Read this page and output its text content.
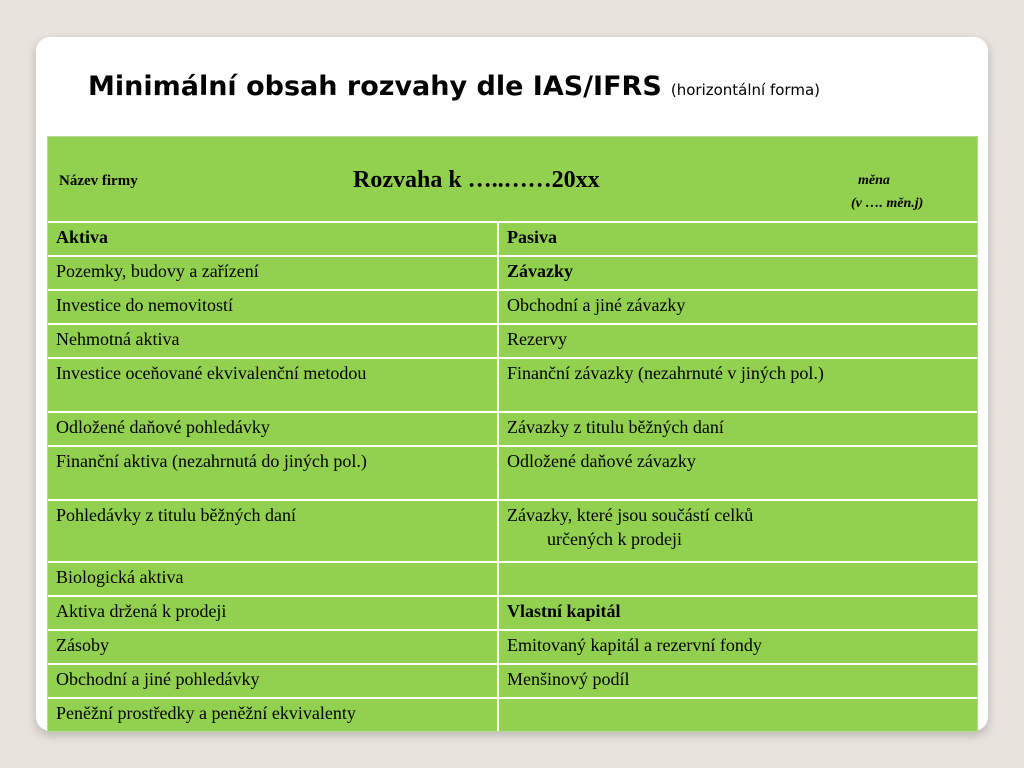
Minimální obsah rozvahy dle IAS/IFRS (horizontální forma)
Název firmy	Rozvaha k …..……20xx	měna
(v …. měn.j)
Aktiva	Pasiva
Pozemky, budovy a zařízení	Závazky
Investice do nemovitostí	Obchodní a jiné závazky
Nehmotná aktiva	Rezervy
Investice oceňované ekvivalenční metodou	Finanční závazky (nezahrnuté v jiných pol.)
Odložené daňové pohledávky	Závazky z titulu běžných daní
Finanční aktiva (nezahrnutá do jiných pol.)	Odložené daňové závazky
Pohledávky z titulu běžných daní	Závazky, které jsou součástí celků
určených k prodeji
Biologická aktiva
Aktiva držená k prodeji	Vlastní kapitál
Zásoby	Emitovaný kapitál a rezervní fondy
Obchodní a jiné pohledávky	Menšinový podíl
Peněžní prostředky a peněžní ekvivalenty
